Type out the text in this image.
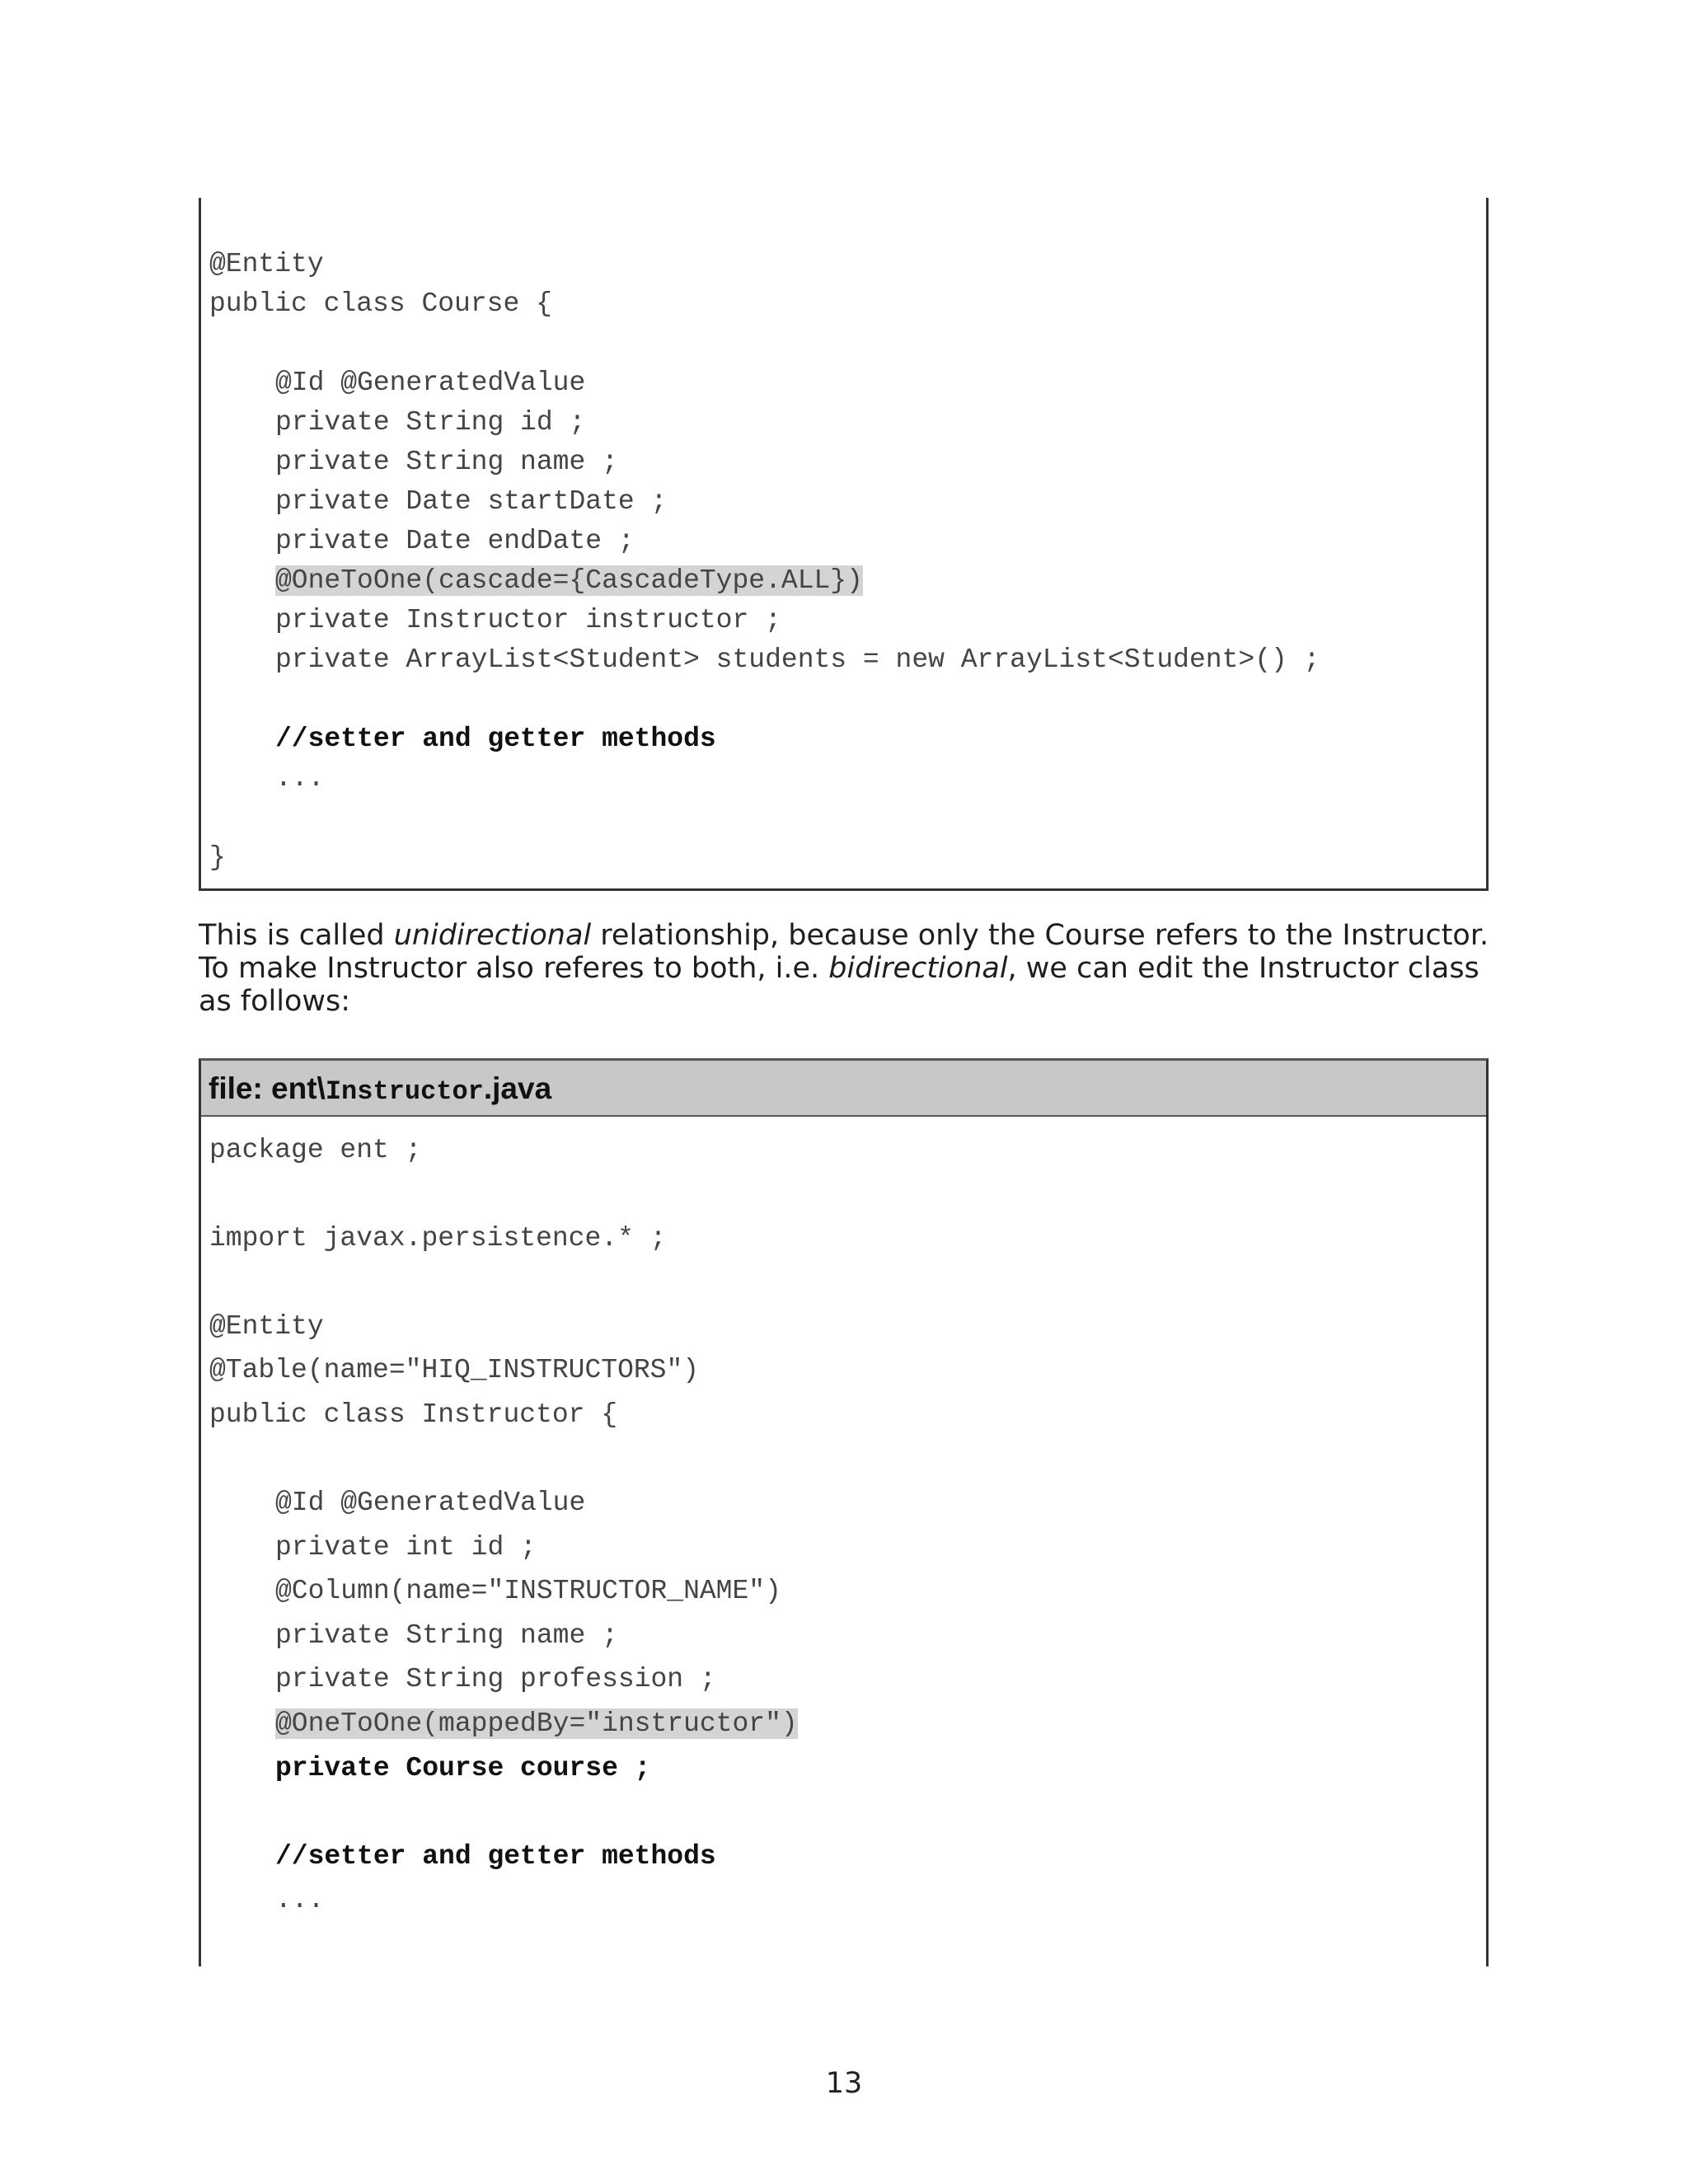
@Entity
public class Course {
@Id @GeneratedValue
private String id ;
private String name ;
private Date startDate ;
private Date endDate ;
@OneToOne(cascade={CascadeType.ALL})
private Instructor instructor ;
private ArrayList<Student> students = new ArrayList<Student>() ;
//setter and getter methods
...
}
This is called unidirectional relationship, because only the Course refers to the Instructor. To make Instructor also referes to both, i.e. bidirectional, we can edit the Instructor class as follows:
file: ent\Instructor.java
package ent ;
import javax.persistence.* ;
@Entity
@Table(name="HIQ_INSTRUCTORS")
public class Instructor {
@Id @GeneratedValue
private int id ;
@Column(name="INSTRUCTOR_NAME")
private String name ;
private String profession ;
@OneToOne(mappedBy="instructor")
private Course course ;
//setter and getter methods
...
13
